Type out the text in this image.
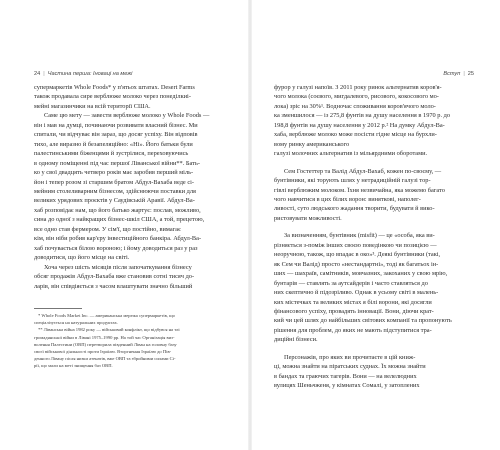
24 | Частина перша: Іноваці на межі
супермаркетів Whole Foods* у п'ятьох штатах. Desert Farms
також продавала сире верблюже молоко через понеділкиі-
мейні магазинчики на всій території США.
Саме цю мету — завести верблюже молоко у Whole Foods —
він і мав на думці, починаючи розвивати власний бізнес. Ми
спитали, чи відчуває він зараз, що досяг успіху. Він відповів
тихо, але виразно й безапеляційно: «Ні». Його батьки були
палестинськими біженцями й зустрілися, переховуючись
в одному поміщенні під час першої Ліванської війни**. Бать-
ко у свої двадцять четверо років має заробив перший міль-
йон і тепер розом зі старшим братом Абдул-Вахаба веде сі-
мейним столеливарним бізнесом, здійснюючи поставки для
великих урядових проєктів у Саудівській Аравії. Абдул-Ва-
хаб розповідає нам, що його батько жартує: послав, можливо,
сина до одної з найкращих бізнес-шкіл США, а той, прецетою,
все одно став фермером. У сім'ї, що постійно, вимагає
кім, він ніби робив кар'єру інвестиційного банкіра. Абдул-Ва-
хаб почувається білою вороною; і йому доводиться раз у раз
доводитися, що його місце на світі.
Хоча через шість місяців після започаткування бізнесу
обсяг продажів Абдул-Вахаба вже становив сотні тисяч до-
ларів, він співдіяється з часом влаштувати значно більший
* Whole Foods Market Inc. — американська мережа супермаркетів, що
спеціалізується на натуральних продуктах.
** Ліванська війна 1982 року — військовий конфлікт, що відбувся на тлі
громадянської війни в Лівані 1975–1990 рр. На той час Організація виз-
волення Палестини (ОВП) перетворила південний Ліван на головну базу
своєї військової діяльності проти Ізраїлю. Вторгнення Ізраїлю до Пів-
денного Лівану після низки атенатів, вже ОВП та збройними силами Сі-
рії, що мали на меті знищення баз ОВП.
Вступ | 25
фурор у галузі напоїв. З 2011 року ринок альтернатив коров'я-
чого молока (соєвого, мигдалевого, рисового, кокосового мо-
лока) зріс на 30%¹. Водночас споживання коров'ячого моло-
ка зменшилося — із 275,8 фунтів на душу населення в 1970 р. до
198,8 фунтів на душу населення у 2012 р.² На думку Абдул-Ва-
хаба, верблюже молоко може посісти гідне місце на бурхли-
вому ринку американського
галузі молочних альтернатив із мільярдними оборотами.
Сем Гостеттер та Валід Абдул-Вахаб, кожен по-своєму, —
бунтівники, які торують шлях у нетрадиційній галузі тор-
гівлі верблюжим молоком. Їхня незвичайна, яка можемо багато
чого навчитися в цих білих ворон: виняткові, наполег-
ливості, суто людського жадання творити, будувати й вико-
ристовувати можливості.
За визначенням, бунтівник (misfit) — це «особа, яка ви-
різняється з-поміж інших своєю поведінкою чи позицією —
неоручною, також, що впадає в око»³. Деякі бунтівники (такі,
як Сем чи Валід) просто «нестандартні», тоді як багатьох ін-
ших — шахраїв, самітників, мовчазних, закоханих у свою мрію,
бунтарів — ставлять за аутсайдерів і часто ставляться до
них скептично й підозріливо. Однак в усьому світі в малень-
ких містечках та великих містах я білі ворони, які досягли
фінансового успіху, провадять інновації. Вони, діючи крат-
кий чи цей шлях до найбільших світових компанії та пропонують
рішення для проблем, до яких не мають підступитися тра-
диційні бізнеси.
Персонажів, про яких ви прочитаєте в цій книж-
ці, можна знайти на піратських суднах. Їх можна знайти
в бандах та граючих тагерів. Вони — на велелюдних
вулицях Шеньчженя, у кімнатах Сомалі, у затоплених
